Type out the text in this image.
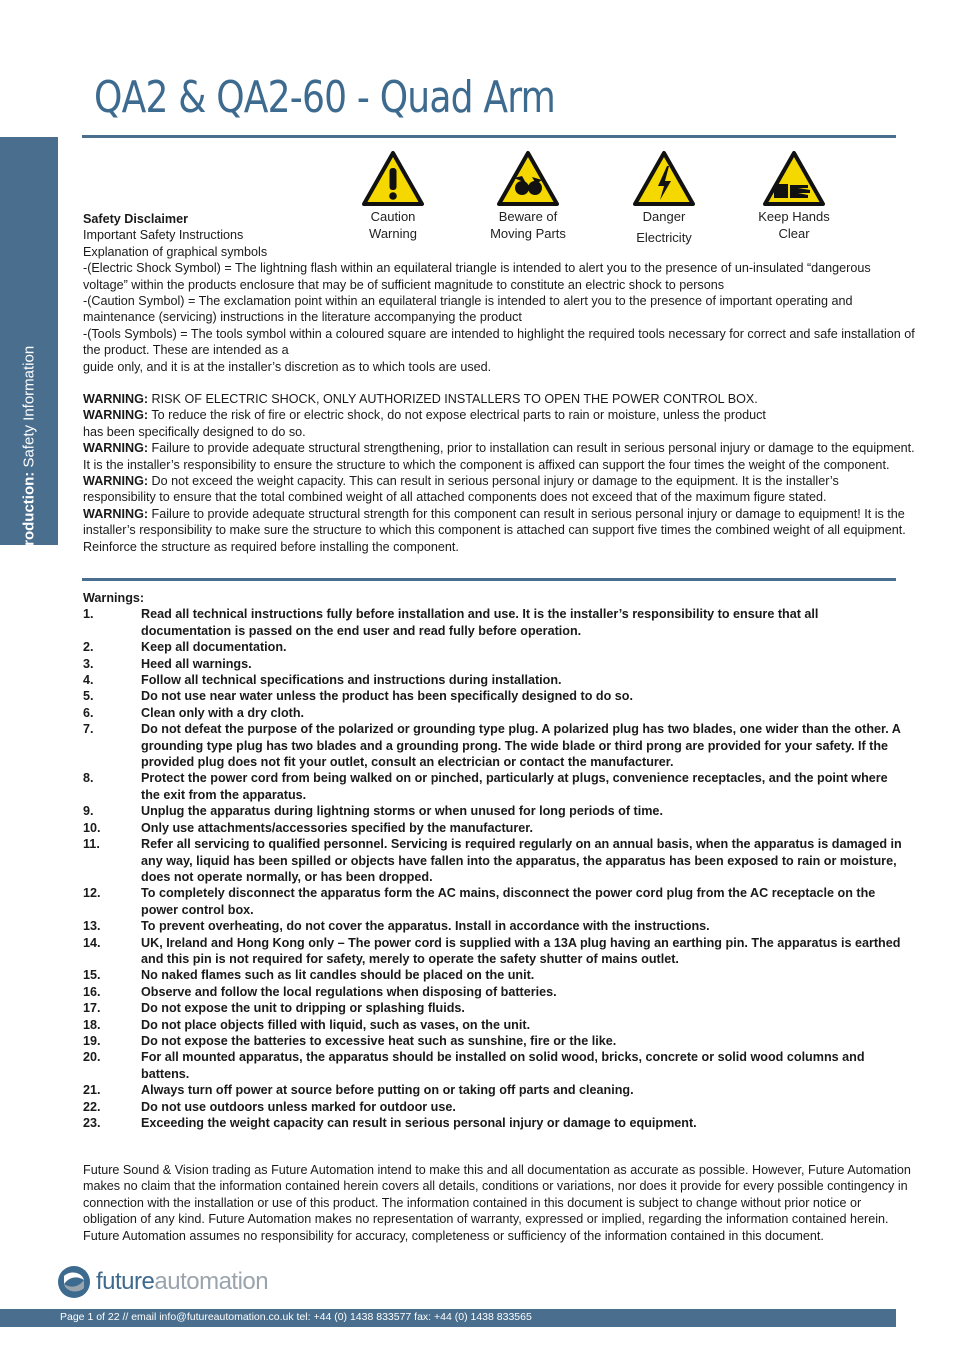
QA2 & QA2-60 - Quad Arm
Introduction: Safety Information
Caution
Warning
Beware of
Moving Parts
Danger
Electricity
Keep Hands
Clear

Safety Disclaimer

Important Safety Instructions

Explanation of graphical symbols

-(Electric Shock Symbol) = The lightning flash within an equilateral triangle is intended to alert you to the presence of un-insulated “dangerous voltage” within the products enclosure that may be of sufficient magnitude to constitute an electric shock to persons

-(Caution Symbol) = The exclamation point within an equilateral triangle is intended to alert you to the presence of important operating and maintenance (servicing) instructions in the literature accompanying the product

-(Tools Symbols) = The tools symbol within a coloured square are intended to highlight the required tools necessary for correct and safe installation of the product. These are intended as a

guide only, and it is at the installer’s discretion as to which tools are used.

WARNING: RISK OF ELECTRIC SHOCK, ONLY AUTHORIZED INSTALLERS TO OPEN THE POWER CONTROL BOX.

WARNING: To reduce the risk of fire or electric shock, do not expose electrical parts to rain or moisture, unless the product has been specifically designed to do so.

WARNING: Failure to provide adequate structural strengthening, prior to installation can result in serious personal injury or damage to the equipment. It is the installer’s responsibility to ensure the structure to which the component is affixed can support the four times the weight of the component.

WARNING: Do not exceed the weight capacity. This can result in serious personal injury or damage to the equipment. It is the installer’s responsibility to ensure that the total combined weight of all attached components does not exceed that of the maximum figure stated.

WARNING: Failure to provide adequate structural strength for this component can result in serious personal injury or damage to equipment! It is the installer’s responsibility to make sure the structure to which this component is attached can support five times the combined weight of all equipment. Reinforce the structure as required before installing the component.

Warnings:

1.	Read all technical instructions fully before installation and use. It is the installer’s responsibility to ensure that all documentation is passed on the end user and read fully before operation.
2.	Keep all documentation.
3.	Heed all warnings.
4.	Follow all technical specifications and instructions during installation.
5.	Do not use near water unless the product has been specifically designed to do so.
6.	Clean only with a dry cloth.
7.	Do not defeat the purpose of the polarized or grounding type plug. A polarized plug has two blades, one wider than the other. A grounding type plug has two blades and a grounding prong. The wide blade or third prong are provided for your safety. If the provided plug does not fit your outlet, consult an electrician or contact the manufacturer.
8.	Protect the power cord from being walked on or pinched, particularly at plugs, convenience receptacles, and the point where the exit from the apparatus.
9.	Unplug the apparatus during lightning storms or when unused for long periods of time.
10.	Only use attachments/accessories specified by the manufacturer.
11.	Refer all servicing to qualified personnel. Servicing is required regularly on an annual basis, when the apparatus is damaged in any way, liquid has been spilled or objects have fallen into the apparatus, the apparatus has been exposed to rain or moisture, does not operate normally, or has been dropped.
12.	To completely disconnect the apparatus form the AC mains, disconnect the power cord plug from the AC receptacle on the power control box.
13.	To prevent overheating, do not cover the apparatus. Install in accordance with the instructions.
14.	UK, Ireland and Hong Kong only – The power cord is supplied with a 13A plug having an earthing pin. The apparatus is earthed and this pin is not required for safety, merely to operate the safety shutter of mains outlet.
15.	No naked flames such as lit candles should be placed on the unit.
16.	Observe and follow the local regulations when disposing of batteries.
17.	Do not expose the unit to dripping or splashing fluids.
18.	Do not place objects filled with liquid, such as vases, on the unit.
19.	Do not expose the batteries to excessive heat such as sunshine, fire or the like.
20.	For all mounted apparatus, the apparatus should be installed on solid wood, bricks, concrete or solid wood columns and battens.
21.	Always turn off power at source before putting on or taking off parts and cleaning.
22.	Do not use outdoors unless marked for outdoor use.
23.	Exceeding the weight capacity can result in serious personal injury or damage to equipment.
Future Sound & Vision trading as Future Automation intend to make this and all documentation as accurate as possible. However, Future Automation makes no claim that the information contained herein covers all details, conditions or variations, nor does it provide for every possible contingency in connection with the installation or use of this product. The information contained in this document is subject to change without prior notice or obligation of any kind. Future Automation makes no representation of warranty, expressed or implied, regarding the information contained herein. Future Automation assumes no responsibility for accuracy, completeness or sufficiency of the information contained in this document.
futureautomation
Page 1 of 22 // email info@futureautomation.co.uk tel: +44 (0) 1438 833577 fax: +44 (0) 1438 833565
